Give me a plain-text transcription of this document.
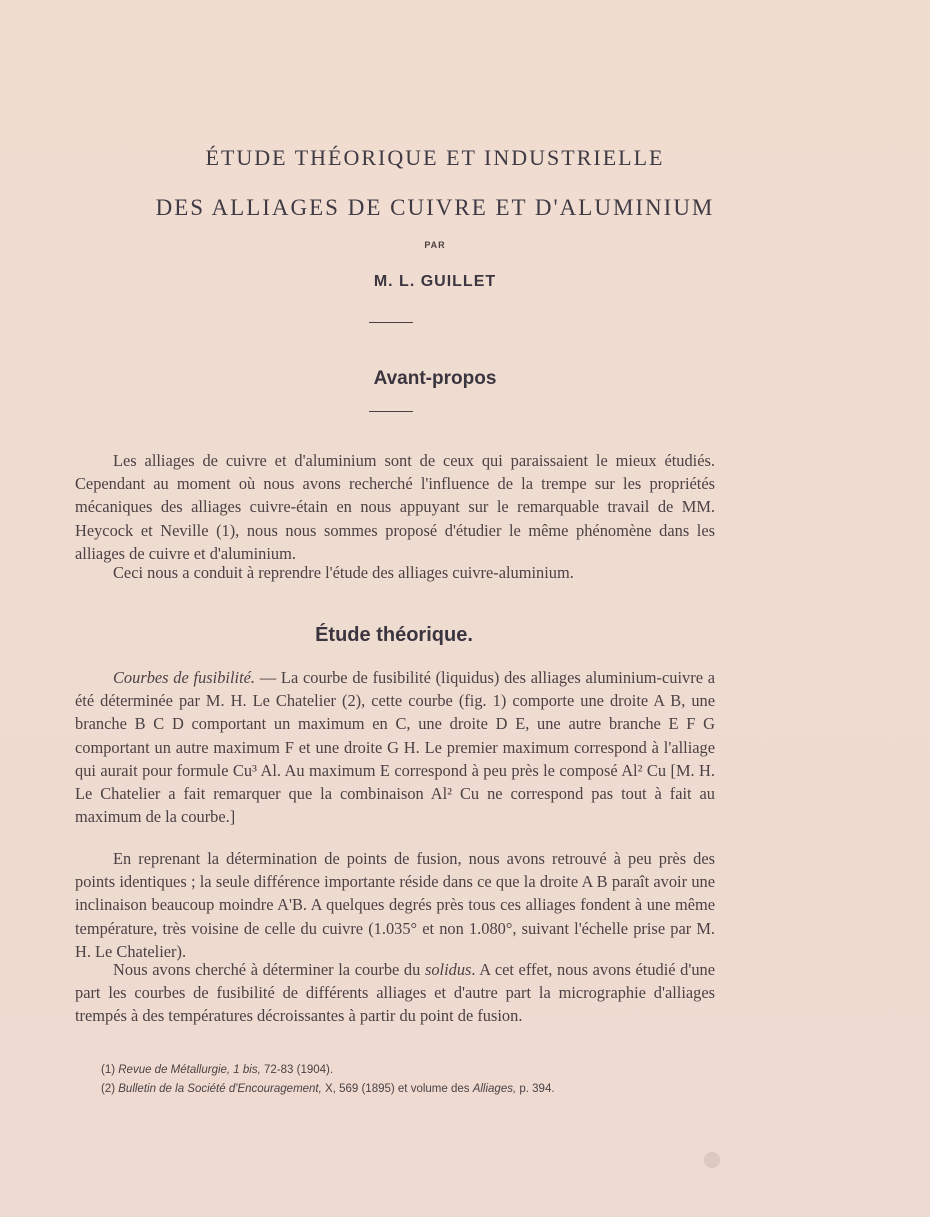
ÉTUDE THÉORIQUE ET INDUSTRIELLE
DES ALLIAGES DE CUIVRE ET D'ALUMINIUM
PAR
M. L. GUILLET
Avant-propos

Les alliages de cuivre et d'aluminium sont de ceux qui paraissaient le mieux étudiés. Cependant au moment où nous avons recherché l'influence de la trempe sur les propriétés mécaniques des alliages cuivre-étain en nous appuyant sur le remarquable travail de MM. Heycock et Neville (1), nous nous sommes proposé d'étudier le même phénomène dans les alliages de cuivre et d'aluminium.

Ceci nous a conduit à reprendre l'étude des alliages cuivre-aluminium.

Étude théorique.

Courbes de fusibilité. — La courbe de fusibilité (liquidus) des alliages aluminium-cuivre a été déterminée par M. H. Le Chatelier (2), cette courbe (fig. 1) comporte une droite A B, une branche B C D comportant un maximum en C, une droite D E, une autre branche E F G comportant un autre maximum F et une droite G H. Le premier maximum correspond à l'alliage qui aurait pour formule Cu³ Al. Au maximum E correspond à peu près le composé Al² Cu [M. H. Le Chatelier a fait remarquer que la combinaison Al² Cu ne correspond pas tout à fait au maximum de la courbe.]

En reprenant la détermination de points de fusion, nous avons retrouvé à peu près des points identiques ; la seule différence importante réside dans ce que la droite A B paraît avoir une inclinaison beaucoup moindre A'B. A quelques degrés près tous ces alliages fondent à une même température, très voisine de celle du cuivre (1.035° et non 1.080°, suivant l'échelle prise par M. H. Le Chatelier).

Nous avons cherché à déterminer la courbe du solidus. A cet effet, nous avons étudié d'une part les courbes de fusibilité de différents alliages et d'autre part la micrographie d'alliages trempés à des températures décroissantes à partir du point de fusion.

(1) Revue de Métallurgie, 1 bis, 72-83 (1904).

(2) Bulletin de la Société d'Encouragement, X, 569 (1895) et volume des Alliages, p. 394.
